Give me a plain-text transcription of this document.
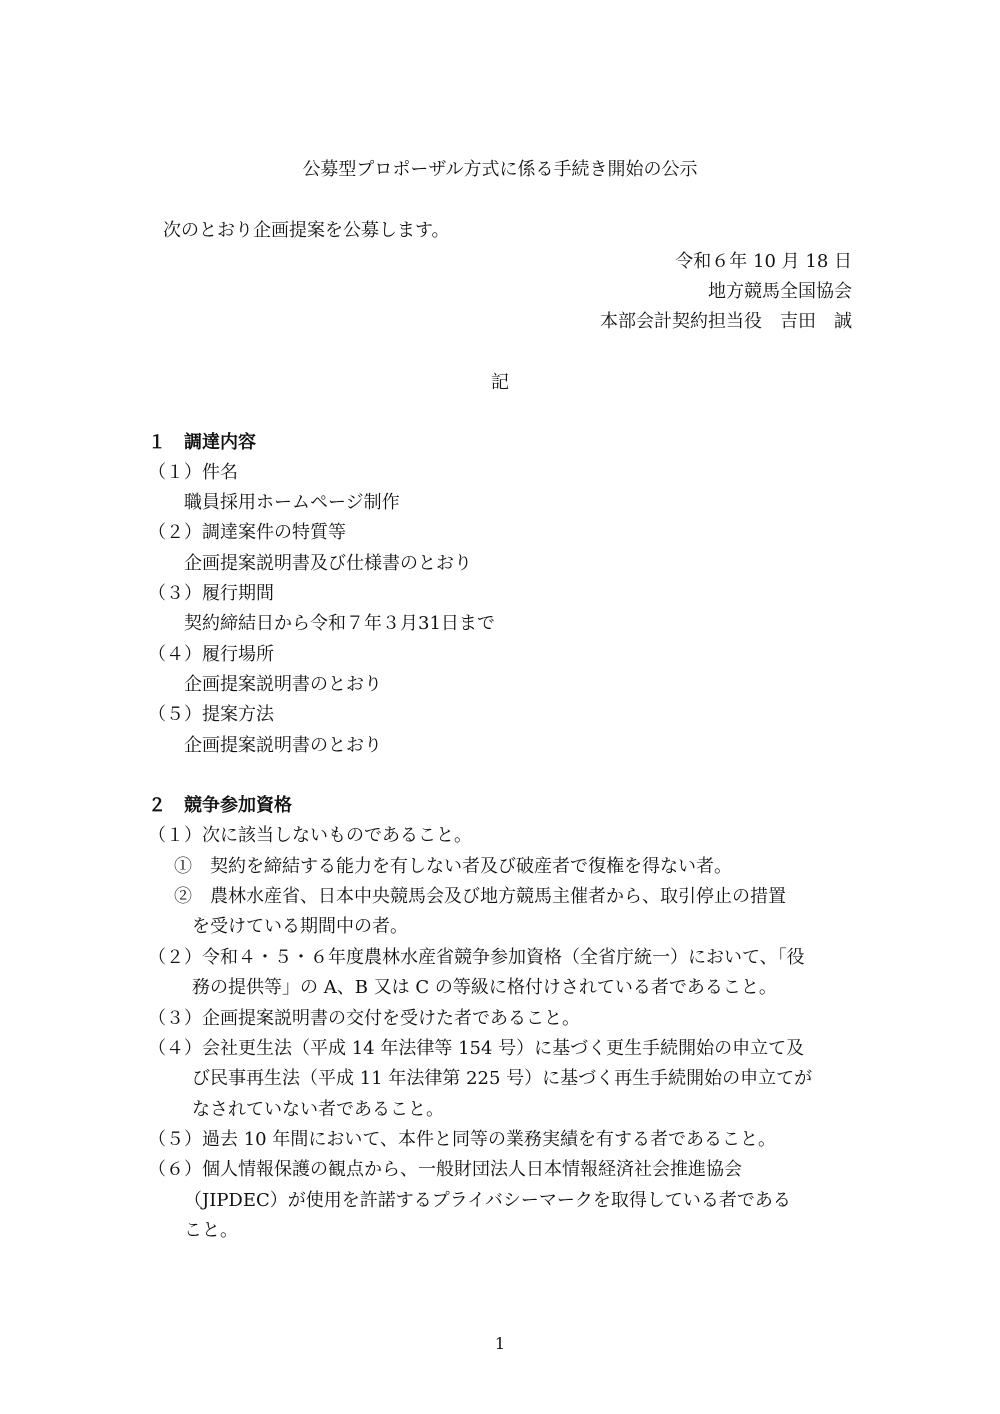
公募型プロポーザル方式に係る手続き開始の公示
次のとおり企画提案を公募します。
令和６年 10 月 18 日
地方競馬全国協会
本部会計契約担当役　吉田　誠
記
１　調達内容
（１）件名
職員採用ホームページ制作
（２）調達案件の特質等
企画提案説明書及び仕様書のとおり
（３）履行期間
契約締結日から令和７年３月31日まで
（４）履行場所
企画提案説明書のとおり
（５）提案方法
企画提案説明書のとおり
２　競争参加資格
（１）次に該当しないものであること。
①　契約を締結する能力を有しない者及び破産者で復権を得ない者。
②　農林水産省、日本中央競馬会及び地方競馬主催者から、取引停止の措置
を受けている期間中の者。
（２）令和４・５・６年度農林水産省競争参加資格（全省庁統一）において、「役
務の提供等」の A、B 又は C の等級に格付けされている者であること。
（３）企画提案説明書の交付を受けた者であること。
（４）会社更生法（平成 14 年法律等 154 号）に基づく更生手続開始の申立て及
び民事再生法（平成 11 年法律第 225 号）に基づく再生手続開始の申立てが
なされていない者であること。
（５）過去 10 年間において、本件と同等の業務実績を有する者であること。
（６）個人情報保護の観点から、一般財団法人日本情報経済社会推進協会
（JIPDEC）が使用を許諾するプライバシーマークを取得している者である
こと。
1
